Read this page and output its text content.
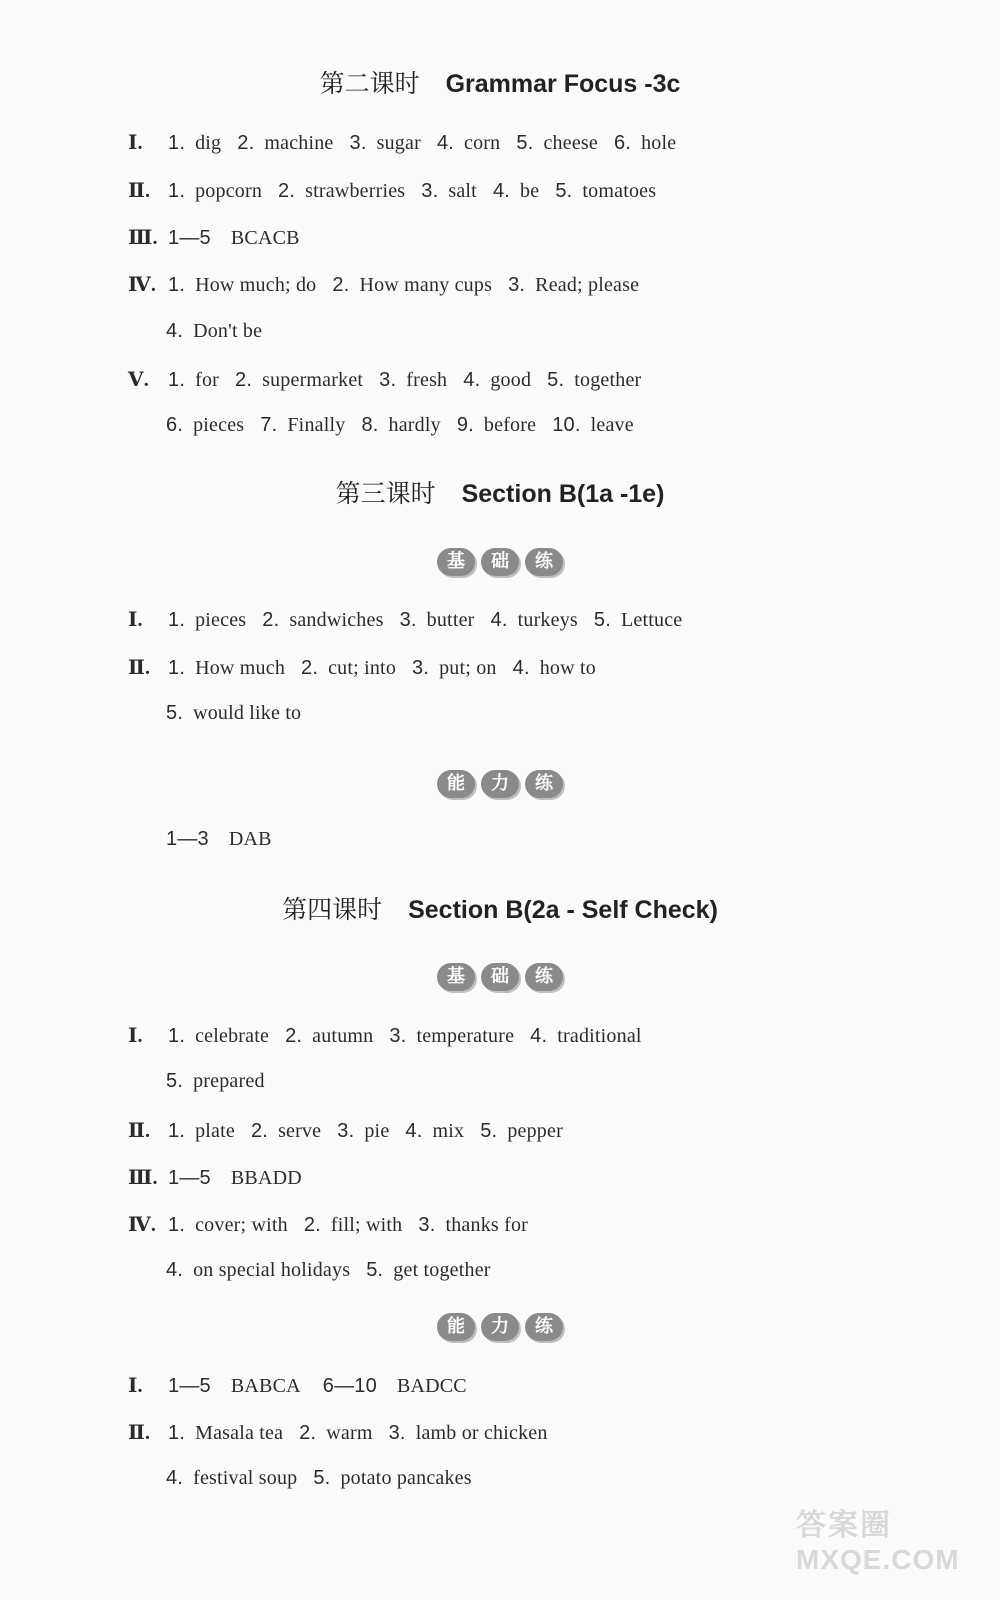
第二课时 Grammar Focus -3c
Ⅰ. 1. dig 2. machine 3. sugar 4. corn 5. cheese 6. hole
Ⅱ. 1. popcorn 2. strawberries 3. salt 4. be 5. tomatoes
Ⅲ. 1—5 BCACB
Ⅳ. 1. How much; do 2. How many cups 3. Read; please
4. Don't be
Ⅴ. 1. for 2. supermarket 3. fresh 4. good 5. together
6. pieces 7. Finally 8. hardly 9. before 10. leave
第三课时 Section B(1a -1e)
基 础 练
Ⅰ. 1. pieces 2. sandwiches 3. butter 4. turkeys 5. Lettuce
Ⅱ. 1. How much 2. cut; into 3. put; on 4. how to
5. would like to
能 力 练
1—3 DAB
第四课时 Section B(2a - Self Check)
基 础 练
Ⅰ. 1. celebrate 2. autumn 3. temperature 4. traditional
5. prepared
Ⅱ. 1. plate 2. serve 3. pie 4. mix 5. pepper
Ⅲ. 1—5 BBADD
Ⅳ. 1. cover; with 2. fill; with 3. thanks for
4. on special holidays 5. get together
能 力 练
Ⅰ. 1—5 BABCA 6—10 BADCC
Ⅱ. 1. Masala tea 2. warm 3. lamb or chicken
4. festival soup 5. potato pancakes
答案圈
MXQE.COM
